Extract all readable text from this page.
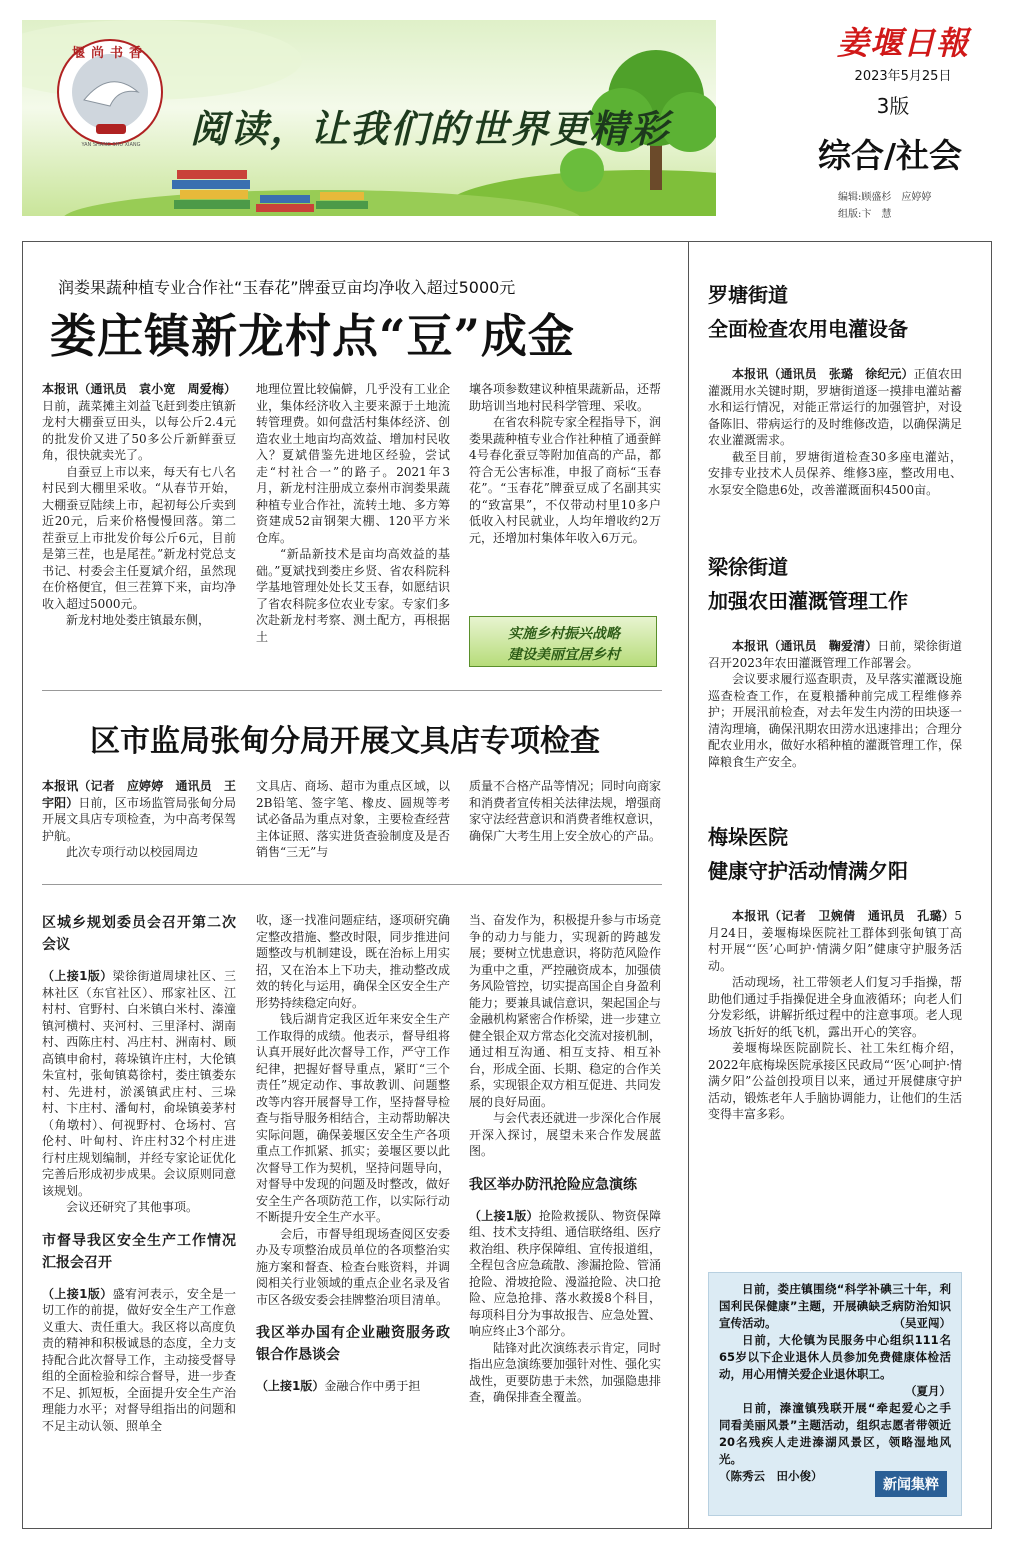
堰尚书香
YAN SHANG SHU XIANG	阅读，让我们的世界更精彩
姜堰日報
2023年5月25日
3版
综合/社会
编辑:顾盛杉　应婷婷
组版:卞　慧
润娄果蔬种植专业合作社“玉春花”牌蚕豆亩均净收入超过5000元
娄庄镇新龙村点“豆”成金

本报讯（通讯员　袁小宽　周爱梅）日前，蔬菜摊主刘益飞赶到娄庄镇新龙村大棚蚕豆田头，以每公斤2.4元的批发价又进了50多公斤新鲜蚕豆角，很快就卖光了。

自蚕豆上市以来，每天有七八名村民到大棚里采收。“从春节开始，大棚蚕豆陆续上市，起初每公斤卖到近20元，后来价格慢慢回落。第二茬蚕豆上市批发价每公斤6元，目前是第三茬，也是尾茬。”新龙村党总支书记、村委会主任夏斌介绍，虽然现在价格便宜，但三茬算下来，亩均净收入超过5000元。

新龙村地处娄庄镇最东侧，

地理位置比较偏僻，几乎没有工业企业，集体经济收入主要来源于土地流转管理费。如何盘活村集体经济、创造农业土地亩均高效益、增加村民收入？夏斌借鉴先进地区经验，尝试走“村社合一”的路子。2021年3月，新龙村注册成立泰州市润娄果蔬种植专业合作社，流转土地、多方筹资建成52亩钢架大棚、120平方米仓库。

“新品新技术是亩均高效益的基础。”夏斌找到娄庄乡贤、省农科院科学基地管理处处长艾玉春，如愿结识了省农科院多位农业专家。专家们多次赴新龙村考察、测土配方，再根据土

壤各项参数建议种植果蔬新品，还帮助培训当地村民科学管理、采收。

在省农科院专家全程指导下，润娄果蔬种植专业合作社种植了通蚕鲜4号春化蚕豆等附加值高的产品，都符合无公害标准，申报了商标“玉春花”。“玉春花”牌蚕豆成了名副其实的“致富果”，不仅带动村里10多户低收入村民就业，人均年增收约2万元，还增加村集体年收入6万元。

实施乡村振兴战略
建设美丽宜居乡村
区市监局张甸分局开展文具店专项检查

本报讯（记者　应婷婷　通讯员　王宇阳）日前，区市场监管局张甸分局开展文具店专项检查，为中高考保驾护航。

此次专项行动以校园周边

文具店、商场、超市为重点区域，以2B铅笔、签字笔、橡皮、圆规等考试必备品为重点对象，主要检查经营主体证照、落实进货查验制度及是否销售“三无”与

质量不合格产品等情况；同时向商家和消费者宣传相关法律法规，增强商家守法经营意识和消费者维权意识，确保广大考生用上安全放心的产品。

区城乡规划委员会召开第二次会议

（上接1版）梁徐街道周埭社区、三林社区（东官社区）、邢家社区、江村村、官野村、白米镇白米村、溱潼镇河横村、夹河村、三里泽村、湖南村、西陈庄村、冯庄村、洲南村、顾高镇申俞村，蒋垛镇许庄村，大伦镇朱宣村，张甸镇葛徐村，娄庄镇娄东村、先进村，淤溪镇武庄村、三垛村、卞庄村、潘甸村，俞垛镇姜茅村（角墩村）、何视野村、仓场村、宫伦村、叶甸村、许庄村32个村庄进行村庄规划编制，并经专家论证优化完善后形成初步成果。会议原则同意该规划。

会议还研究了其他事项。

市督导我区安全生产工作情况汇报会召开

（上接1版）盛宥河表示，安全是一切工作的前提，做好安全生产工作意义重大、责任重大。我区将以高度负责的精神和积极诚恳的态度，全力支持配合此次督导工作，主动接受督导组的全面检验和综合督导，进一步查不足、抓短板，全面提升安全生产治理能力水平；对督导组指出的问题和不足主动认领、照单全

收，逐一找准问题症结，逐项研究确定整改措施、整改时限，同步推进问题整改与机制建设，既在治标上用实招，又在治本上下功夫，推动整改成效的转化与运用，确保全区安全生产形势持续稳定向好。

钱后湖肯定我区近年来安全生产工作取得的成绩。他表示，督导组将认真开展好此次督导工作，严守工作纪律，把握好督导重点，紧盯“三个责任”规定动作、事故教训、问题整改等内容开展督导工作，坚持督导检查与指导服务相结合，主动帮助解决实际问题，确保姜堰区安全生产各项重点工作抓紧、抓实；姜堰区要以此次督导工作为契机，坚持问题导向，对督导中发现的问题及时整改，做好安全生产各项防范工作，以实际行动不断提升安全生产水平。

会后，市督导组现场查阅区安委办及专项整治成员单位的各项整治实施方案和督查、检查台账资料，并调阅相关行业领域的重点企业名录及省市区各级安委会挂牌整治项目清单。

我区举办国有企业融资服务政银合作恳谈会

（上接1版）金融合作中勇于担

当、奋发作为，积极提升参与市场竞争的动力与能力，实现新的跨越发展；要树立忧患意识，将防范风险作为重中之重，严控融资成本，加强债务风险管控，切实提高国企自身盈利能力；要兼具诚信意识，架起国企与金融机构紧密合作桥梁，进一步建立健全银企双方常态化交流对接机制，通过相互沟通、相互支持、相互补台，形成全面、长期、稳定的合作关系，实现银企双方相互促进、共同发展的良好局面。

与会代表还就进一步深化合作展开深入探讨，展望未来合作发展蓝图。

我区举办防汛抢险应急演练

（上接1版）抢险救援队、物资保障组、技术支持组、通信联络组、医疗救治组、秩序保障组、宣传报道组，全程包含应急疏散、渗漏抢险、管涌抢险、滑坡抢险、漫溢抢险、决口抢险、应急抢排、落水救援8个科目，每项科目分为事故报告、应急处置、响应终止3个部分。

陆锋对此次演练表示肯定，同时指出应急演练要加强针对性、强化实战性，更要防患于未然，加强隐患排查，确保排查全覆盖。

罗塘街道
全面检查农用电灌设备

本报讯（通讯员　张璐　徐纪元）正值农田灌溉用水关键时期，罗塘街道逐一摸排电灌站蓄水和运行情况，对能正常运行的加强管护，对设备陈旧、带病运行的及时维修改造，以确保满足农业灌溉需求。

截至目前，罗塘街道检查30多座电灌站，安排专业技术人员保养、维修3座，整改用电、水泵安全隐患6处，改善灌溉面积4500亩。

梁徐街道
加强农田灌溉管理工作

本报讯（通讯员　鞠爱清）日前，梁徐街道召开2023年农田灌溉管理工作部署会。

会议要求履行巡查职责，及早落实灌溉设施巡查检查工作，在夏粮播种前完成工程维修养护；开展汛前检查，对去年发生内涝的田块逐一清沟理墒，确保汛期农田涝水迅速排出；合理分配农业用水，做好水稻种植的灌溉管理工作，保障粮食生产安全。

梅垛医院
健康守护活动情满夕阳

本报讯（记者　卫婉倩　通讯员　孔璐）5月24日，姜堰梅垛医院社工群体到张甸镇丁高村开展“‘医’心呵护·情满夕阳”健康守护服务活动。

活动现场，社工带领老人们复习手指操，帮助他们通过手指操促进全身血液循环；向老人们分发彩纸，讲解折纸过程中的注意事项。老人现场放飞折好的纸飞机，露出开心的笑容。

姜堰梅垛医院副院长、社工朱红梅介绍，2022年底梅垛医院承接区民政局“‘医’心呵护·情满夕阳”公益创投项目以来，通过开展健康守护活动，锻炼老年人手脑协调能力，让他们的生活变得丰富多彩。

日前，娄庄镇围绕“科学补碘三十年，利国利民保健康”主题，开展碘缺乏病防治知识宣传活动。	（吴亚闯）

日前，大伦镇为民服务中心组织111名65岁以下企业退休人员参加免费健康体检活动，用心用情关爱企业退休职工。
（夏月）

日前，溱潼镇残联开展“牵起爱心之手　同看美丽风景”主题活动，组织志愿者带领近20名残疾人走进溱湖风景区，领略湿地风光。

（陈秀云　田小俊）

新闻集粹
